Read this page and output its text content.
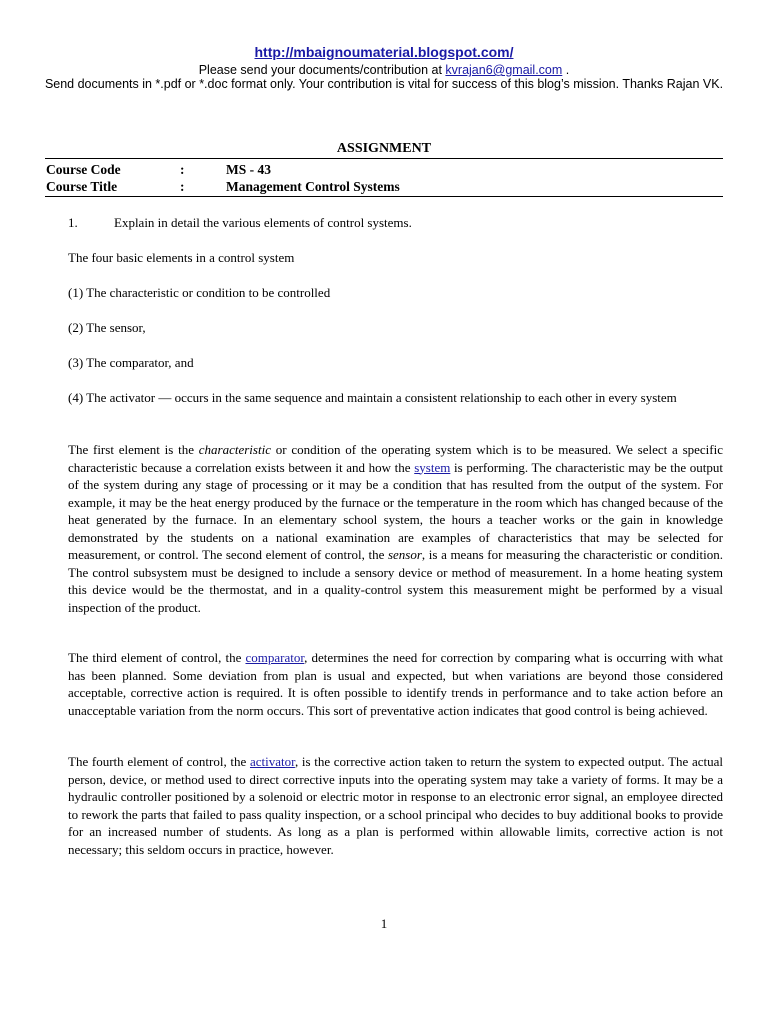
http://mbaignoumaterial.blogspot.com/
Please send your documents/contribution at kvrajan6@gmail.com .
Send documents in *.pdf or *.doc format only. Your contribution is vital for success of this blog’s mission. Thanks Rajan VK.
ASSIGNMENT
Course Code	:	MS - 43
Course Title	:	Management Control Systems
1.	Explain in detail the various elements of control systems.
The four basic elements in a control system
(1) The characteristic or condition to be controlled
(2) The sensor,
(3) The comparator, and
(4) The activator — occurs in the same sequence and maintain a consistent relationship to each other in every system
The first element is the characteristic or condition of the operating system which is to be measured. We select a specific characteristic because a correlation exists between it and how the system is performing. The characteristic may be the output of the system during any stage of processing or it may be a condition that has resulted from the output of the system. For example, it may be the heat energy produced by the furnace or the temperature in the room which has changed because of the heat generated by the furnace. In an elementary school system, the hours a teacher works or the gain in knowledge demonstrated by the students on a national examination are examples of characteristics that may be selected for measurement, or control. The second element of control, the sensor, is a means for measuring the characteristic or condition. The control subsystem must be designed to include a sensory device or method of measurement. In a home heating system this device would be the thermostat, and in a quality-control system this measurement might be performed by a visual inspection of the product.
The third element of control, the comparator, determines the need for correction by comparing what is occurring with what has been planned. Some deviation from plan is usual and expected, but when variations are beyond those considered acceptable, corrective action is required. It is often possible to identify trends in performance and to take action before an unacceptable variation from the norm occurs. This sort of preventative action indicates that good control is being achieved.
The fourth element of control, the activator, is the corrective action taken to return the system to expected output. The actual person, device, or method used to direct corrective inputs into the operating system may take a variety of forms. It may be a hydraulic controller positioned by a solenoid or electric motor in response to an electronic error signal, an employee directed to rework the parts that failed to pass quality inspection, or a school principal who decides to buy additional books to provide for an increased number of students. As long as a plan is performed within allowable limits, corrective action is not necessary; this seldom occurs in practice, however.
1
